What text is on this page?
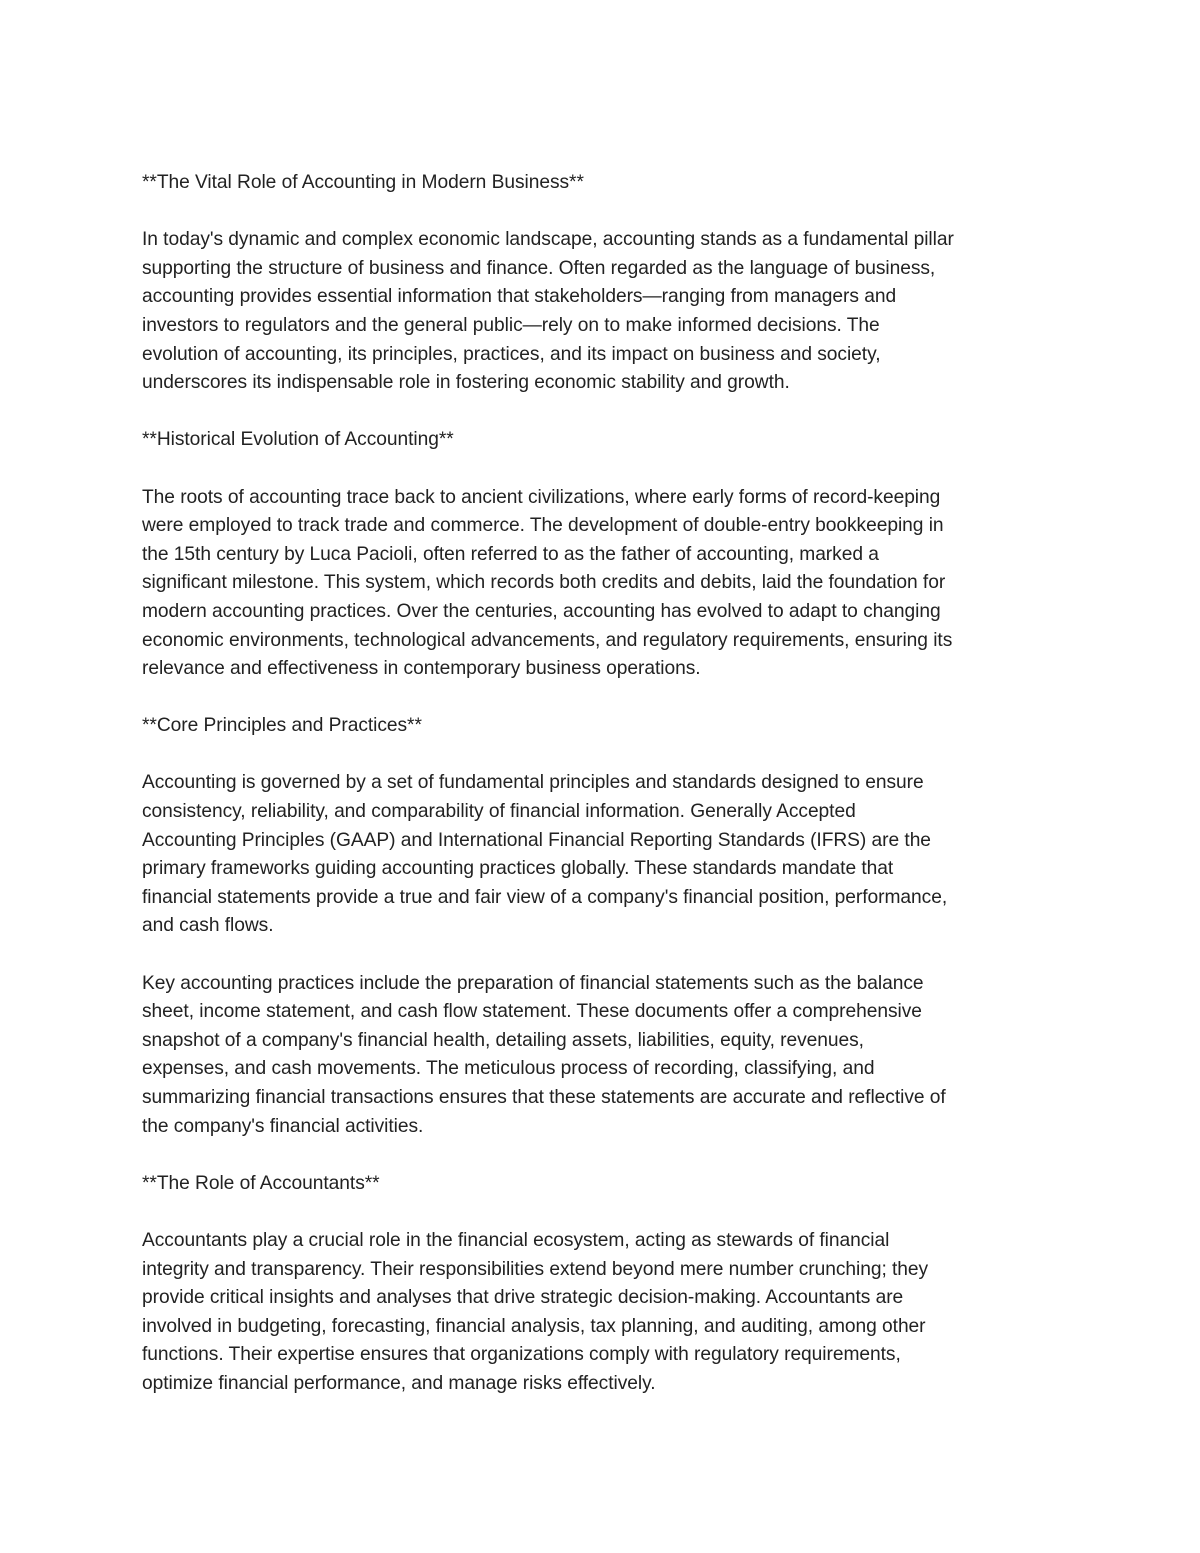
**The Vital Role of Accounting in Modern Business**
In today's dynamic and complex economic landscape, accounting stands as a fundamental pillar
supporting the structure of business and finance. Often regarded as the language of business,
accounting provides essential information that stakeholders—ranging from managers and
investors to regulators and the general public—rely on to make informed decisions. The
evolution of accounting, its principles, practices, and its impact on business and society,
underscores its indispensable role in fostering economic stability and growth.
**Historical Evolution of Accounting**
The roots of accounting trace back to ancient civilizations, where early forms of record-keeping
were employed to track trade and commerce. The development of double-entry bookkeeping in
the 15th century by Luca Pacioli, often referred to as the father of accounting, marked a
significant milestone. This system, which records both credits and debits, laid the foundation for
modern accounting practices. Over the centuries, accounting has evolved to adapt to changing
economic environments, technological advancements, and regulatory requirements, ensuring its
relevance and effectiveness in contemporary business operations.
**Core Principles and Practices**
Accounting is governed by a set of fundamental principles and standards designed to ensure
consistency, reliability, and comparability of financial information. Generally Accepted
Accounting Principles (GAAP) and International Financial Reporting Standards (IFRS) are the
primary frameworks guiding accounting practices globally. These standards mandate that
financial statements provide a true and fair view of a company's financial position, performance,
and cash flows.
Key accounting practices include the preparation of financial statements such as the balance
sheet, income statement, and cash flow statement. These documents offer a comprehensive
snapshot of a company's financial health, detailing assets, liabilities, equity, revenues,
expenses, and cash movements. The meticulous process of recording, classifying, and
summarizing financial transactions ensures that these statements are accurate and reflective of
the company's financial activities.
**The Role of Accountants**
Accountants play a crucial role in the financial ecosystem, acting as stewards of financial
integrity and transparency. Their responsibilities extend beyond mere number crunching; they
provide critical insights and analyses that drive strategic decision-making. Accountants are
involved in budgeting, forecasting, financial analysis, tax planning, and auditing, among other
functions. Their expertise ensures that organizations comply with regulatory requirements,
optimize financial performance, and manage risks effectively.
